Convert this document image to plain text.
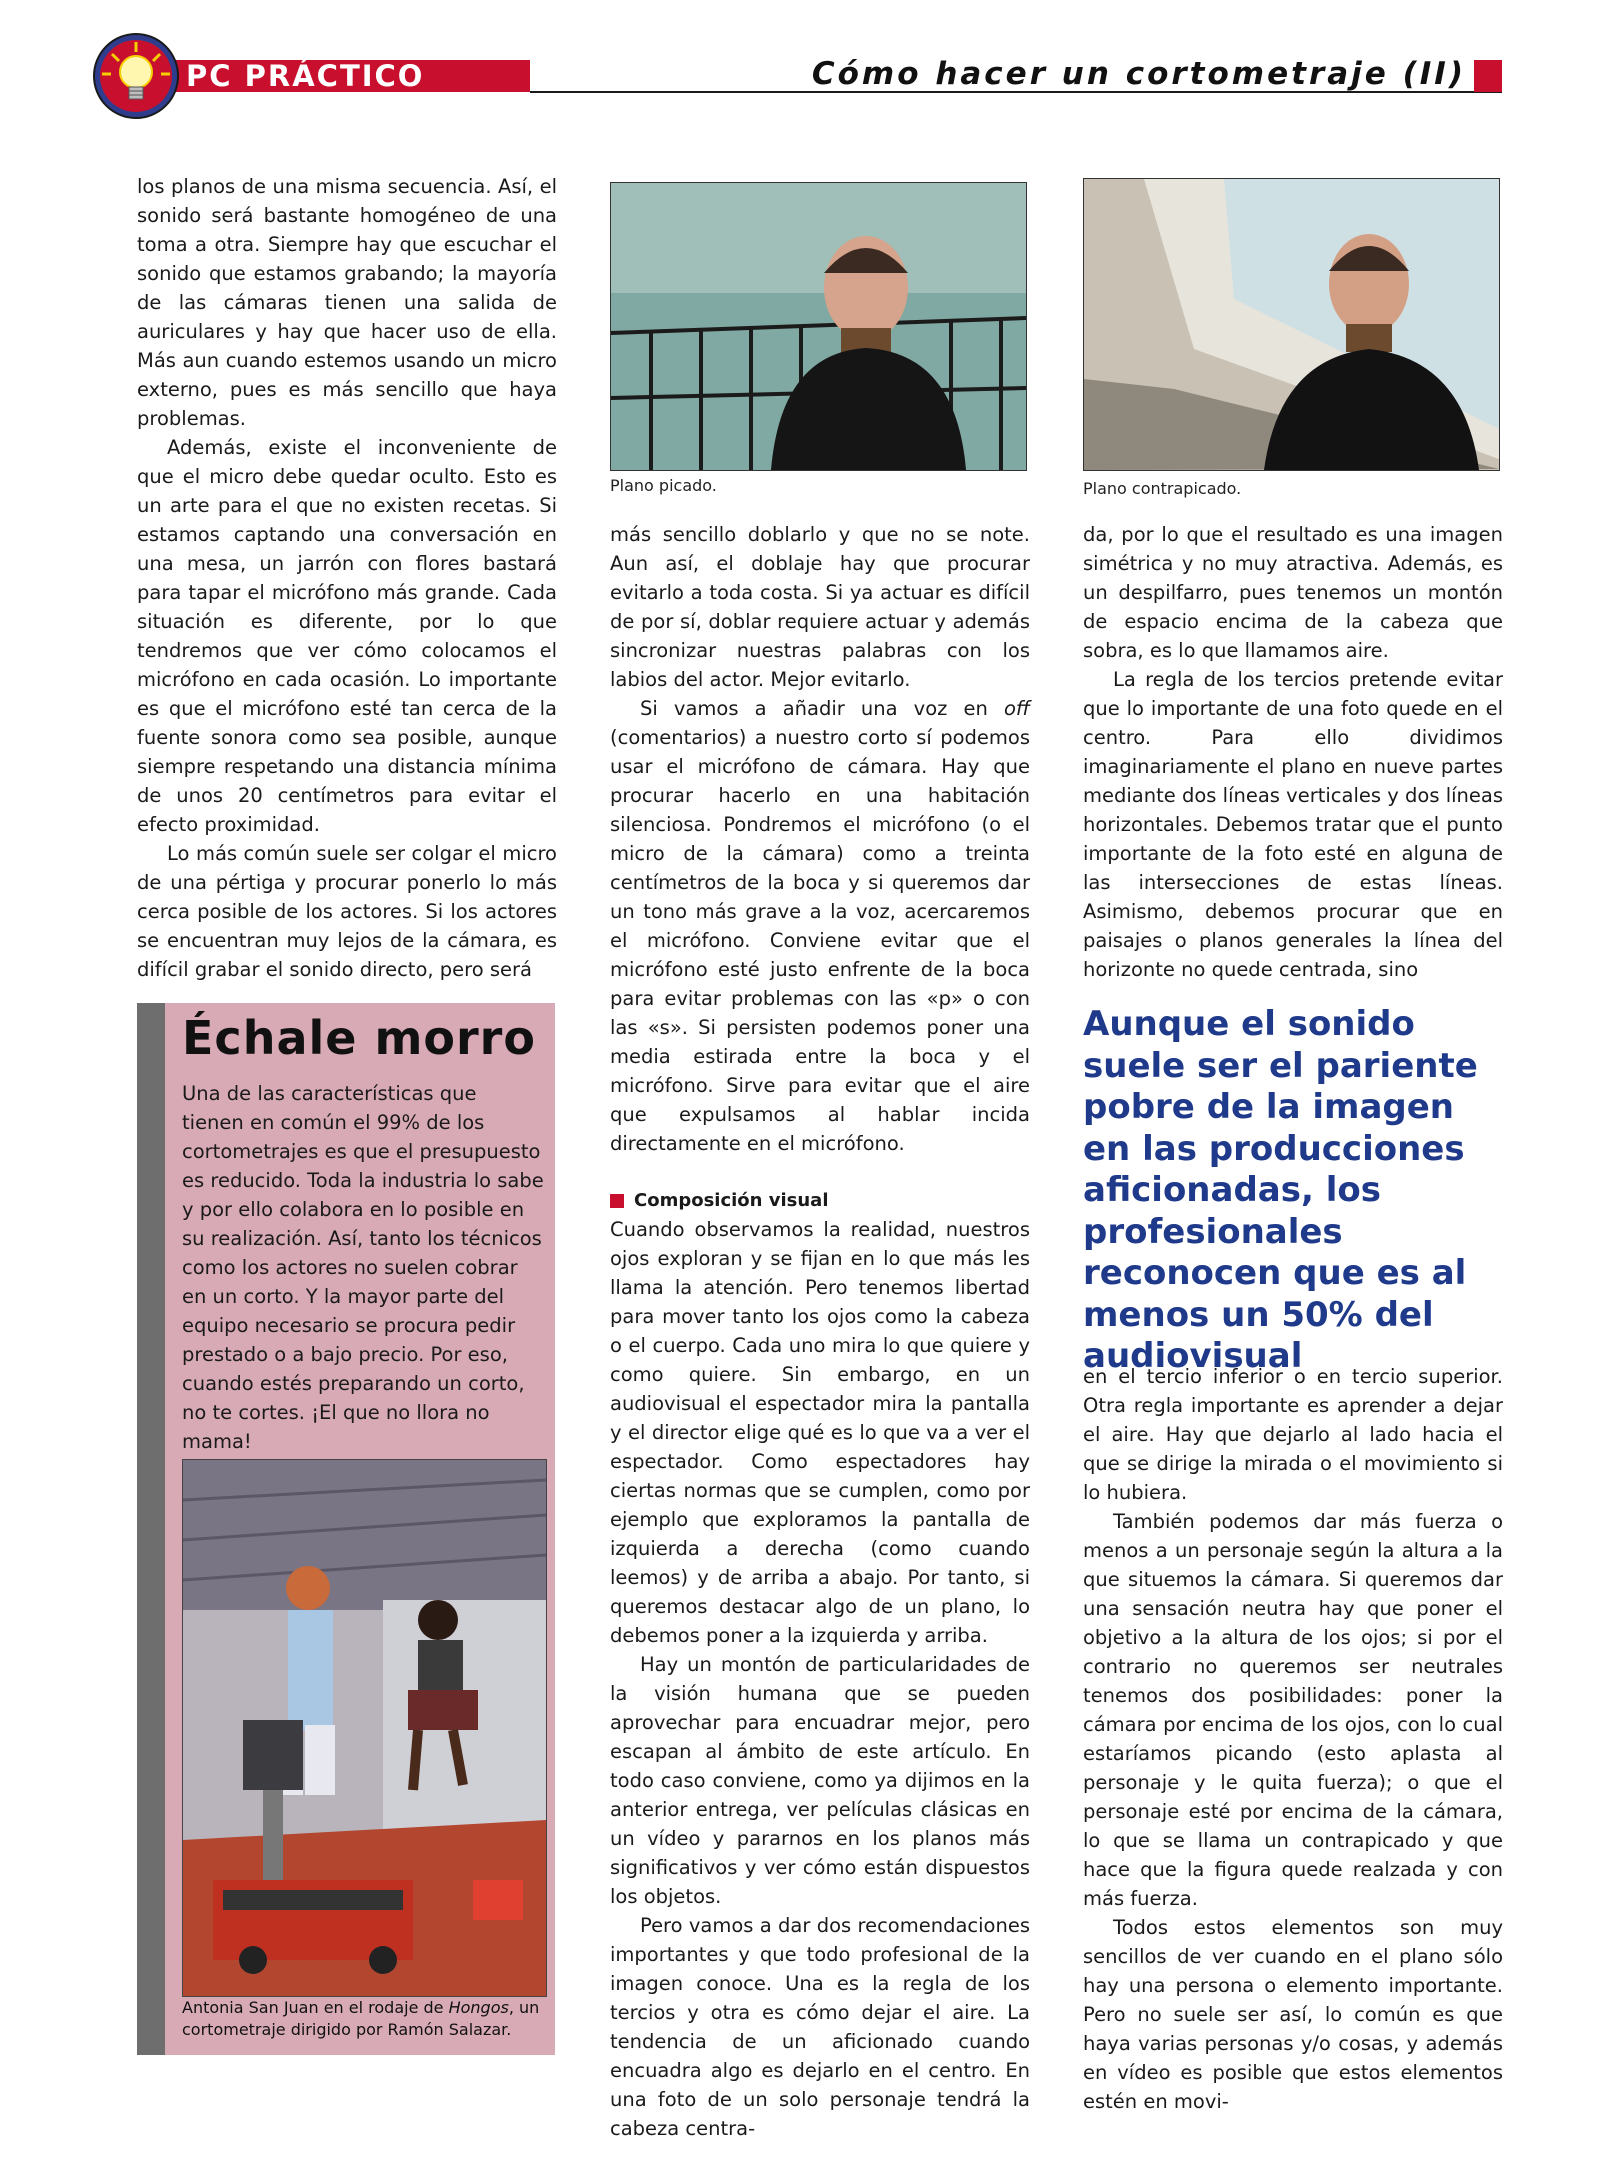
PC PRÁCTICO	Cómo hacer un cortometraje (II)

los planos de una misma secuencia. Así, el sonido será bastante homogéneo de una toma a otra. Siempre hay que escuchar el sonido que estamos grabando; la mayoría de las cámaras tienen una salida de auriculares y hay que hacer uso de ella. Más aun cuando estemos usando un micro externo, pues es más sencillo que haya problemas.

Además, existe el inconveniente de que el micro debe quedar oculto. Esto es un arte para el que no existen recetas. Si estamos captando una conversación en una mesa, un jarrón con flores bastará para tapar el micrófono más grande. Cada situación es diferente, por lo que tendremos que ver cómo colocamos el micrófono en cada ocasión. Lo importante es que el micrófono esté tan cerca de la fuente sonora como sea posible, aunque siempre respetando una distancia mínima de unos 20 centímetros para evitar el efecto proximidad.

Lo más común suele ser colgar el micro de una pértiga y procurar ponerlo lo más cerca posible de los actores. Si los actores se encuentran muy lejos de la cámara, es difícil grabar el sonido directo, pero será

Échale morro
Una de las características que tienen en común el 99% de los cortometrajes es que el presupuesto es reducido. Toda la industria lo sabe y por ello colabora en lo posible en su realización. Así, tanto los técnicos como los actores no suelen cobrar en un corto. Y la mayor parte del equipo necesario se procura pedir prestado o a bajo precio. Por eso, cuando estés preparando un corto, no te cortes. ¡El que no llora no mama!
Antonia San Juan en el rodaje de Hongos, un cortometraje dirigido por Ramón Salazar.
Plano picado.	Plano contrapicado.

más sencillo doblarlo y que no se note. Aun así, el doblaje hay que procurar evitarlo a toda costa. Si ya actuar es difícil de por sí, doblar requiere actuar y además sincronizar nuestras palabras con los labios del actor. Mejor evitarlo.

Si vamos a añadir una voz en off (comentarios) a nuestro corto sí podemos usar el micrófono de cámara. Hay que procurar hacerlo en una habitación silenciosa. Pondremos el micrófono (o el micro de la cámara) como a treinta centímetros de la boca y si queremos dar un tono más grave a la voz, acercaremos el micrófono. Conviene evitar que el micrófono esté justo enfrente de la boca para evitar problemas con las «p» o con las «s». Si persisten podemos poner una media estirada entre la boca y el micrófono. Sirve para evitar que el aire que expulsamos al hablar incida directamente en el micrófono.

Composición visual

Cuando observamos la realidad, nuestros ojos exploran y se fijan en lo que más les llama la atención. Pero tenemos libertad para mover tanto los ojos como la cabeza o el cuerpo. Cada uno mira lo que quiere y como quiere. Sin embargo, en un audiovisual el espectador mira la pantalla y el director elige qué es lo que va a ver el espectador. Como espectadores hay ciertas normas que se cumplen, como por ejemplo que exploramos la pantalla de izquierda a derecha (como cuando leemos) y de arriba a abajo. Por tanto, si queremos destacar algo de un plano, lo debemos poner a la izquierda y arriba.

Hay un montón de particularidades de la visión humana que se pueden aprovechar para encuadrar mejor, pero escapan al ámbito de este artículo. En todo caso conviene, como ya dijimos en la anterior entrega, ver películas clásicas en un vídeo y pararnos en los planos más significativos y ver cómo están dispuestos los objetos.

Pero vamos a dar dos recomendaciones importantes y que todo profesional de la imagen conoce. Una es la regla de los tercios y otra es cómo dejar el aire. La tendencia de un aficionado cuando encuadra algo es dejarlo en el centro. En una foto de un solo personaje tendrá la cabeza centra-

da, por lo que el resultado es una imagen simétrica y no muy atractiva. Además, es un despilfarro, pues tenemos un montón de espacio encima de la cabeza que sobra, es lo que llamamos aire.

La regla de los tercios pretende evitar que lo importante de una foto quede en el centro. Para ello dividimos imaginariamente el plano en nueve partes mediante dos líneas verticales y dos líneas horizontales. Debemos tratar que el punto importante de la foto esté en alguna de las intersecciones de estas líneas. Asimismo, debemos procurar que en paisajes o planos generales la línea del horizonte no quede centrada, sino

Aunque el sonido suele ser el pariente pobre de la imagen en las producciones aficionadas, los profesionales reconocen que es al menos un 50% del audiovisual

en el tercio inferior o en tercio superior. Otra regla importante es aprender a dejar el aire. Hay que dejarlo al lado hacia el que se dirige la mirada o el movimiento si lo hubiera.

También podemos dar más fuerza o menos a un personaje según la altura a la que situemos la cámara. Si queremos dar una sensación neutra hay que poner el objetivo a la altura de los ojos; si por el contrario no queremos ser neutrales tenemos dos posibilidades: poner la cámara por encima de los ojos, con lo cual estaríamos picando (esto aplasta al personaje y le quita fuerza); o que el personaje esté por encima de la cámara, lo que se llama un contrapicado y que hace que la figura quede realzada y con más fuerza.

Todos estos elementos son muy sencillos de ver cuando en el plano sólo hay una persona o elemento importante. Pero no suele ser así, lo común es que haya varias personas y/o cosas, y además en vídeo es posible que estos elementos estén en movi-
